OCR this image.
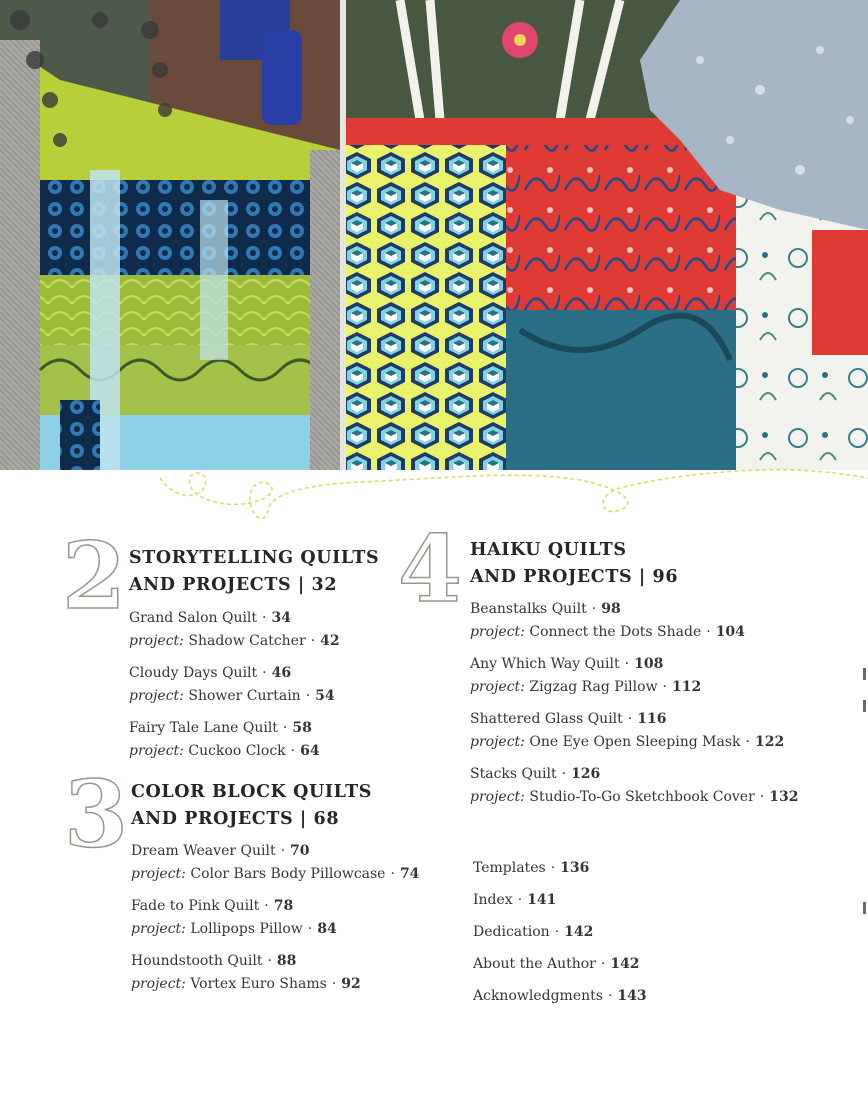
2 STORYTELLING QUILTS
AND PROJECTS | 32
Grand Salon Quilt · 34
project: Shadow Catcher · 42
Cloudy Days Quilt · 46
project: Shower Curtain · 54
Fairy Tale Lane Quilt · 58
project: Cuckoo Clock · 64
3 COLOR BLOCK QUILTS
AND PROJECTS | 68
Dream Weaver Quilt · 70
project: Color Bars Body Pillowcase · 74
Fade to Pink Quilt · 78
project: Lollipops Pillow · 84
Houndstooth Quilt · 88
project: Vortex Euro Shams · 92
4 HAIKU QUILTS
AND PROJECTS | 96
Beanstalks Quilt · 98
project: Connect the Dots Shade · 104
Any Which Way Quilt · 108
project: Zigzag Rag Pillow · 112
Shattered Glass Quilt · 116
project: One Eye Open Sleeping Mask · 122
Stacks Quilt · 126
project: Studio-To-Go Sketchbook Cover · 132
Templates · 136
Index · 141
Dedication · 142
About the Author · 142
Acknowledgments · 143
